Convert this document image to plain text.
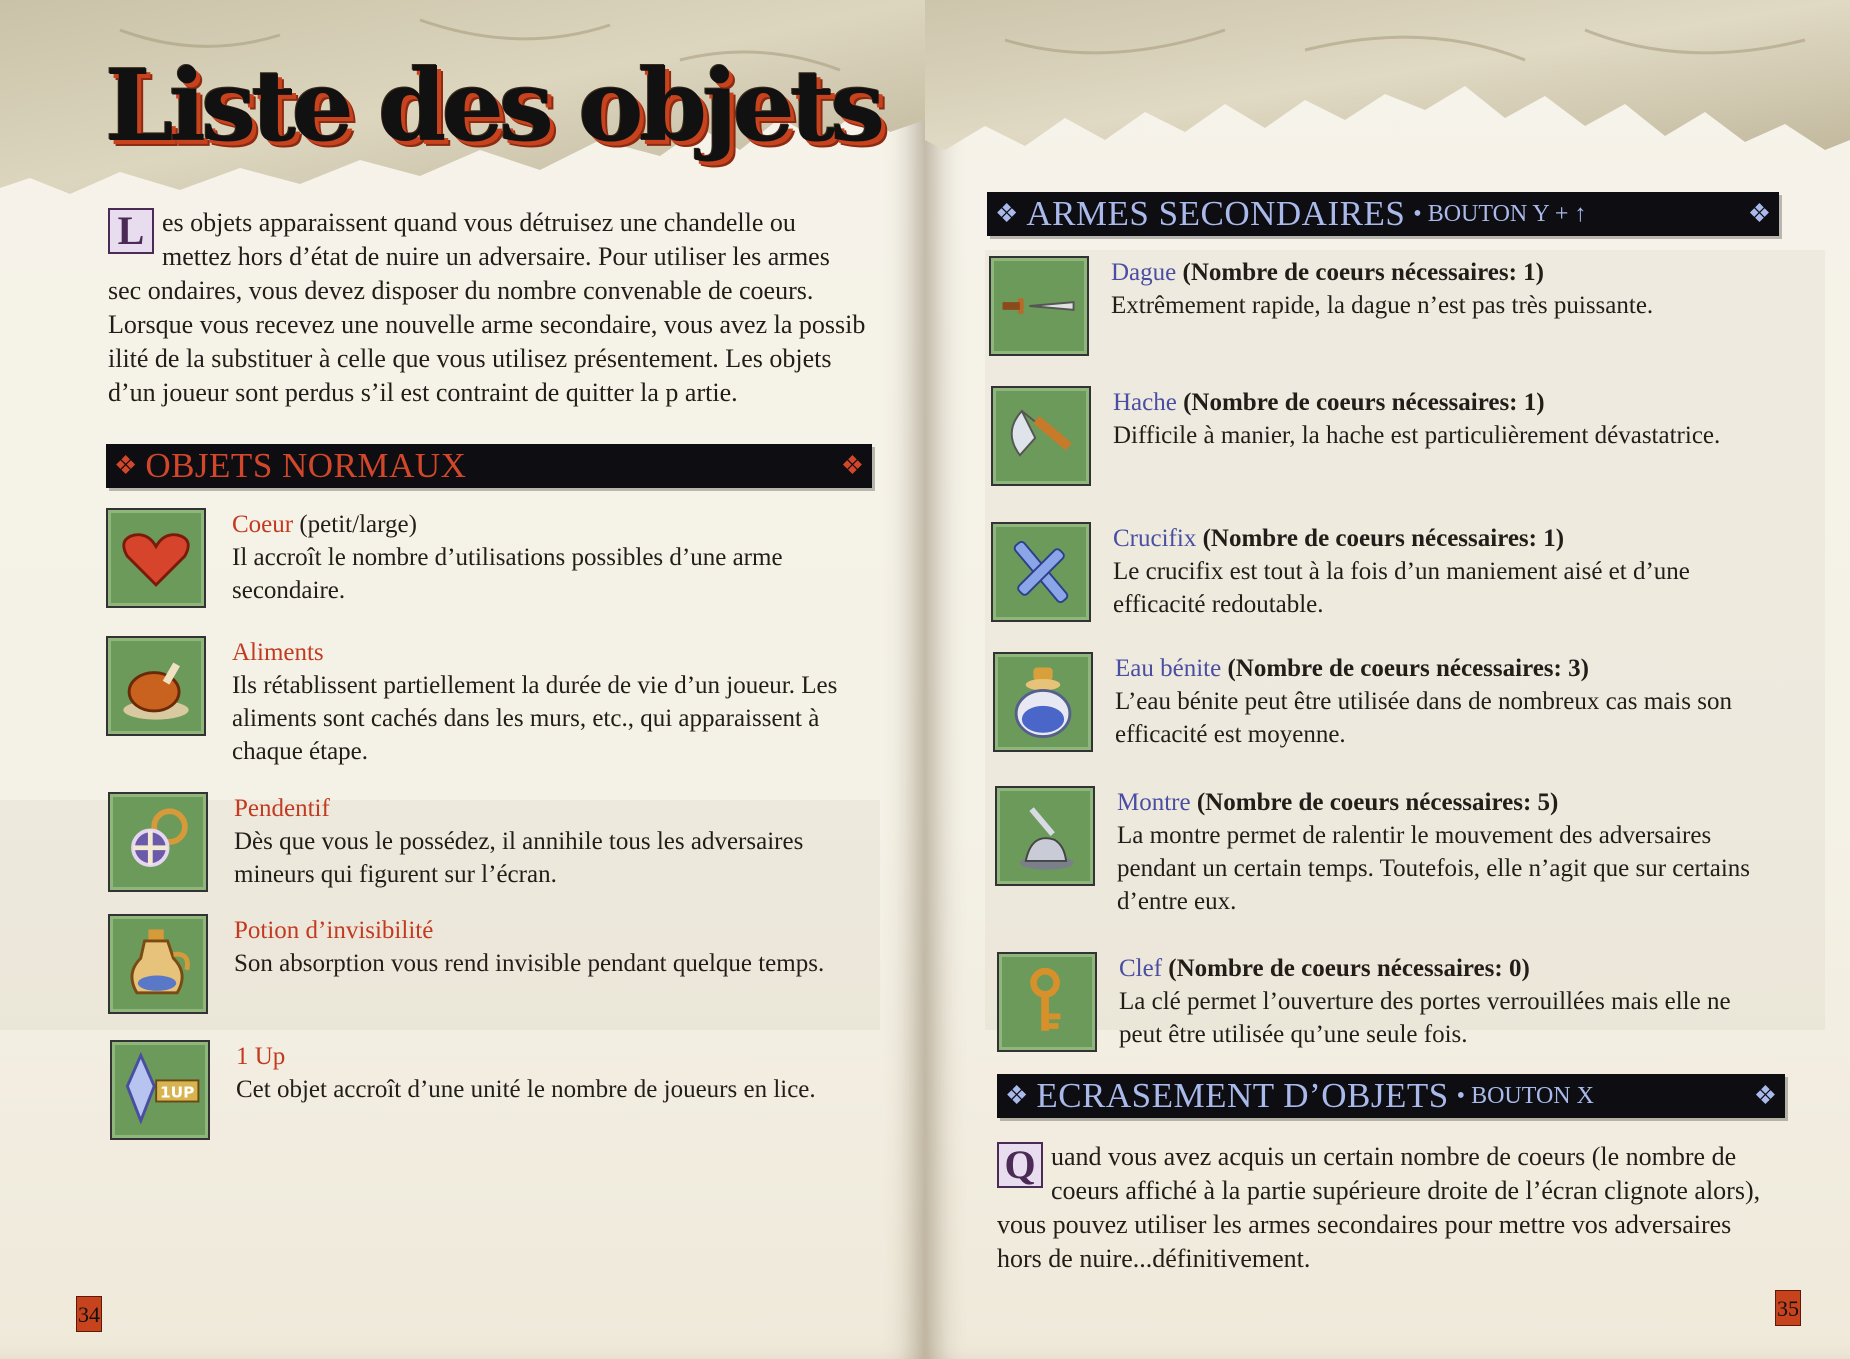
Liste des objets
L es objets apparaissent quand vous détruisez une chandelle ou mettez hors d’état de nuire un adversaire. Pour utiliser les armes sec ondaires, vous devez disposer du nombre convenable de coeurs. Lorsque vous recevez une nouvelle arme secondaire, vous avez la possib ilité de la substituer à celle que vous utilisez présentement. Les objets d’un joueur sont perdus s’il est contraint de quitter la p artie.
❖ OBJETS NORMAUX	❖
Coeur (petit/large)
Il accroît le nombre d’utilisations possibles d’une arme secondaire.
Aliments
Ils rétablissent partiellement la durée de vie d’un joueur. Les aliments sont cachés dans les murs, etc., qui apparaissent à chaque étape.
Pendentif
Dès que vous le possédez, il annihile tous les adversaires mineurs qui figurent sur l’écran.
Potion d’invisibilité
Son absorption vous rend invisible pendant quelque temps.
1UP
1 Up
Cet objet accroît d’une unité le nombre de joueurs en lice.
34
❖ ARMES SECONDAIRES • BOUTON Y + ↑	❖
Dague (Nombre de coeurs nécessaires: 1)
Extrêmement rapide, la dague n’est pas très puissante.
Hache (Nombre de coeurs nécessaires: 1)
Difficile à manier, la hache est particulièrement dévastatrice.
Crucifix (Nombre de coeurs nécessaires: 1)
Le crucifix est tout à la fois d’un maniement aisé et d’une efficacité redoutable.
Eau bénite (Nombre de coeurs nécessaires: 3)
L’eau bénite peut être utilisée dans de nombreux cas mais son efficacité est moyenne.
Montre (Nombre de coeurs nécessaires: 5)
La montre permet de ralentir le mouvement des adversaires pendant un certain temps. Toutefois, elle n’agit que sur certains d’entre eux.
Clef (Nombre de coeurs nécessaires: 0)
La clé permet l’ouverture des portes verrouillées mais elle ne peut être utilisée qu’une seule fois.
❖ ECRASEMENT D’OBJETS • BOUTON X	❖
Q uand vous avez acquis un certain nombre de coeurs (le nombre de coeurs affiché à la partie supérieure droite de l’écran clignote alors), vous pouvez utiliser les armes secondaires pour mettre vos adversaires hors de nuire...définitivement.
35
